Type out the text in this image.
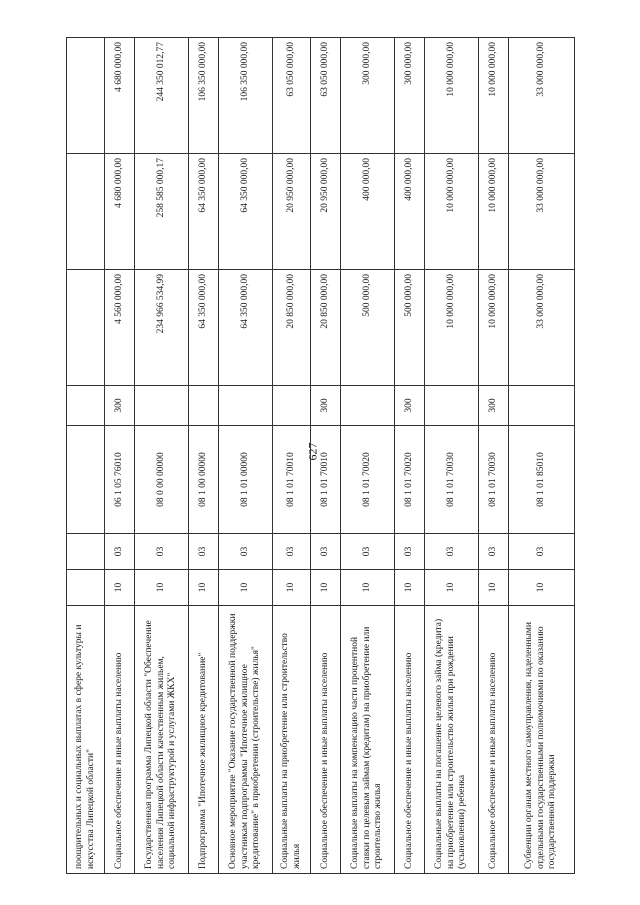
627
поощрительных и социальных выплатах в сфере культуры и искусства Липецкой области"							
Социальное обеспечение и иные выплаты населению	10	03	06 1 05 76010	300	4 560 000,00	4 680 000,00	4 680 000,00
Государственная программа Липецкой области "Обеспечение населения Липецкой области качественным жильем, социальной инфраструктурой и услугами ЖКХ"	10	03	08 0 00 00000		234 966 534,99	258 585 000,17	244 350 012,77
Подпрограмма "Ипотечное жилищное кредитование"	10	03	08 1 00 00000		64 350 000,00	64 350 000,00	106 350 000,00
Основное мероприятие "Оказание государственной поддержки участникам подпрограммы "Ипотечное жилищное кредитование" в приобретении (строительстве) жилья"	10	03	08 1 01 00000		64 350 000,00	64 350 000,00	106 350 000,00
Социальные выплаты на приобретение или строительство жилья	10	03	08 1 01 70010		20 850 000,00	20 950 000,00	63 050 000,00
Социальное обеспечение и иные выплаты населению	10	03	08 1 01 70010	300	20 850 000,00	20 950 000,00	63 050 000,00
Социальные выплаты на компенсацию части процентной ставки по целевым займам (кредитам) на приобретение или строительство жилья	10	03	08 1 01 70020		500 000,00	400 000,00	300 000,00
Социальное обеспечение и иные выплаты населению	10	03	08 1 01 70020	300	500 000,00	400 000,00	300 000,00
Социальные выплаты на погашение целевого займа (кредита) на приобретение или строительство жилья при рождении (усыновлении) ребенка	10	03	08 1 01 70030		10 000 000,00	10 000 000,00	10 000 000,00
Социальное обеспечение и иные выплаты населению	10	03	08 1 01 70030	300	10 000 000,00	10 000 000,00	10 000 000,00
Субвенции органам местного самоуправления, наделенными отдельными государственными полномочиями по оказанию государственной поддержки	10	03	08 1 01 85010		33 000 000,00	33 000 000,00	33 000 000,00
